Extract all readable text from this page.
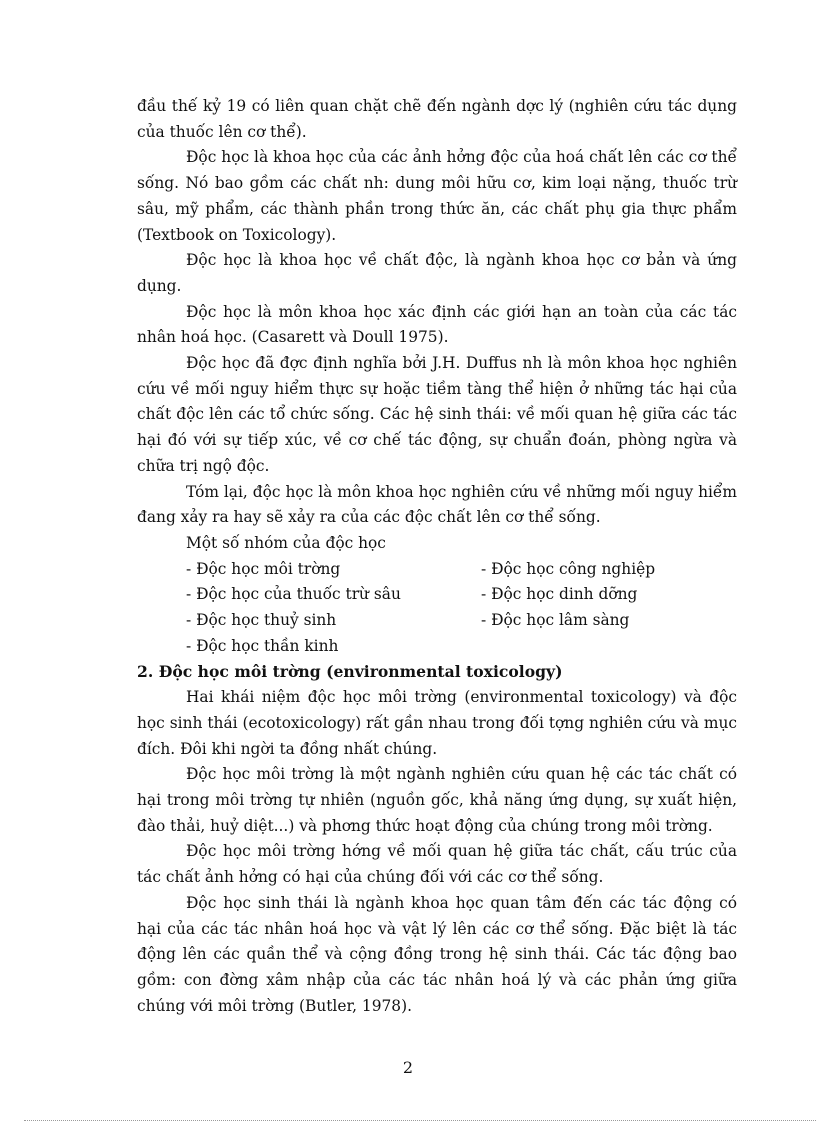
đầu thế kỷ 19 có liên quan chặt chẽ đến ngành dợc lý (nghiên cứu tác dụng của thuốc lên cơ thể).

Độc học là khoa học của các ảnh hởng độc của hoá chất lên các cơ thể sống. Nó bao gồm các chất nh: dung môi hữu cơ, kim loại nặng, thuốc trừ sâu, mỹ phẩm, các thành phần trong thức ăn, các chất phụ gia thực phẩm (Textbook on Toxicology).

Độc học là khoa học về chất độc, là ngành khoa học cơ bản và ứng dụng.

Độc học là môn khoa học xác định các giới hạn an toàn của các tác nhân hoá học. (Casarett và Doull 1975).

Độc học đã đợc định nghĩa bởi J.H. Duffus nh là môn khoa học nghiên cứu về mối nguy hiểm thực sự hoặc tiềm tàng thể hiện ở những tác hại của chất độc lên các tổ chức sống. Các hệ sinh thái: về mối quan hệ giữa các tác hại đó với sự tiếp xúc, về cơ chế tác động, sự chuẩn đoán, phòng ngừa và chữa trị ngộ độc.

Tóm lại, độc học là môn khoa học nghiên cứu về những mối nguy hiểm đang xảy ra hay sẽ xảy ra của các độc chất lên cơ thể sống.

Một số nhóm của độc học

- Độc học môi trờng	- Độc học công nghiệp
- Độc học của thuốc trừ sâu	- Độc học dinh dỡng
- Độc học thuỷ sinh	- Độc học lâm sàng
- Độc học thần kinh

2. Độc học môi trờng (environmental toxicology)

Hai khái niệm độc học môi trờng (environmental toxicology) và độc học sinh thái (ecotoxicology) rất gần nhau trong đối tợng nghiên cứu và mục đích. Đôi khi ngời ta đồng nhất chúng.

Độc học môi trờng là một ngành nghiên cứu quan hệ các tác chất có hại trong môi trờng tự nhiên (nguồn gốc, khả năng ứng dụng, sự xuất hiện, đào thải, huỷ diệt...) và phơng thức hoạt động của chúng trong môi trờng.

Độc học môi trờng hớng về mối quan hệ giữa tác chất, cấu trúc của tác chất ảnh hởng có hại của chúng đối với các cơ thể sống.

Độc học sinh thái là ngành khoa học quan tâm đến các tác động có hại của các tác nhân hoá học và vật lý lên các cơ thể sống. Đặc biệt là tác động lên các quần thể và cộng đồng trong hệ sinh thái. Các tác động bao gồm: con đờng xâm nhập của các tác nhân hoá lý và các phản ứng giữa chúng với môi trờng (Butler, 1978).

2
